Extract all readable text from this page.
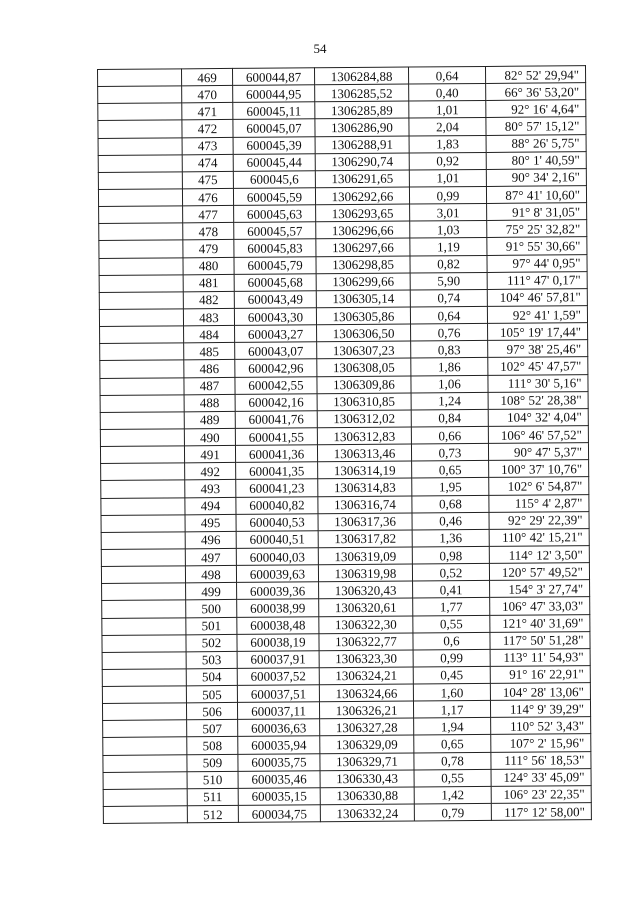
54
	469	600044,87	1306284,88	0,64	82° 52' 29,94"
	470	600044,95	1306285,52	0,40	66° 36' 53,20"
	471	600045,11	1306285,89	1,01	92° 16' 4,64"
	472	600045,07	1306286,90	2,04	80° 57' 15,12"
	473	600045,39	1306288,91	1,83	88° 26' 5,75"
	474	600045,44	1306290,74	0,92	80° 1' 40,59"
	475	600045,6	1306291,65	1,01	90° 34' 2,16"
	476	600045,59	1306292,66	0,99	87° 41' 10,60"
	477	600045,63	1306293,65	3,01	91° 8' 31,05"
	478	600045,57	1306296,66	1,03	75° 25' 32,82"
	479	600045,83	1306297,66	1,19	91° 55' 30,66"
	480	600045,79	1306298,85	0,82	97° 44' 0,95"
	481	600045,68	1306299,66	5,90	111° 47' 0,17"
	482	600043,49	1306305,14	0,74	104° 46' 57,81"
	483	600043,30	1306305,86	0,64	92° 41' 1,59"
	484	600043,27	1306306,50	0,76	105° 19' 17,44"
	485	600043,07	1306307,23	0,83	97° 38' 25,46"
	486	600042,96	1306308,05	1,86	102° 45' 47,57"
	487	600042,55	1306309,86	1,06	111° 30' 5,16"
	488	600042,16	1306310,85	1,24	108° 52' 28,38"
	489	600041,76	1306312,02	0,84	104° 32' 4,04"
	490	600041,55	1306312,83	0,66	106° 46' 57,52"
	491	600041,36	1306313,46	0,73	90° 47' 5,37"
	492	600041,35	1306314,19	0,65	100° 37' 10,76"
	493	600041,23	1306314,83	1,95	102° 6' 54,87"
	494	600040,82	1306316,74	0,68	115° 4' 2,87"
	495	600040,53	1306317,36	0,46	92° 29' 22,39"
	496	600040,51	1306317,82	1,36	110° 42' 15,21"
	497	600040,03	1306319,09	0,98	114° 12' 3,50"
	498	600039,63	1306319,98	0,52	120° 57' 49,52"
	499	600039,36	1306320,43	0,41	154° 3' 27,74"
	500	600038,99	1306320,61	1,77	106° 47' 33,03"
	501	600038,48	1306322,30	0,55	121° 40' 31,69"
	502	600038,19	1306322,77	0,6	117° 50' 51,28"
	503	600037,91	1306323,30	0,99	113° 11' 54,93"
	504	600037,52	1306324,21	0,45	91° 16' 22,91"
	505	600037,51	1306324,66	1,60	104° 28' 13,06"
	506	600037,11	1306326,21	1,17	114° 9' 39,29"
	507	600036,63	1306327,28	1,94	110° 52' 3,43"
	508	600035,94	1306329,09	0,65	107° 2' 15,96"
	509	600035,75	1306329,71	0,78	111° 56' 18,53"
	510	600035,46	1306330,43	0,55	124° 33' 45,09"
	511	600035,15	1306330,88	1,42	106° 23' 22,35"
	512	600034,75	1306332,24	0,79	117° 12' 58,00"
